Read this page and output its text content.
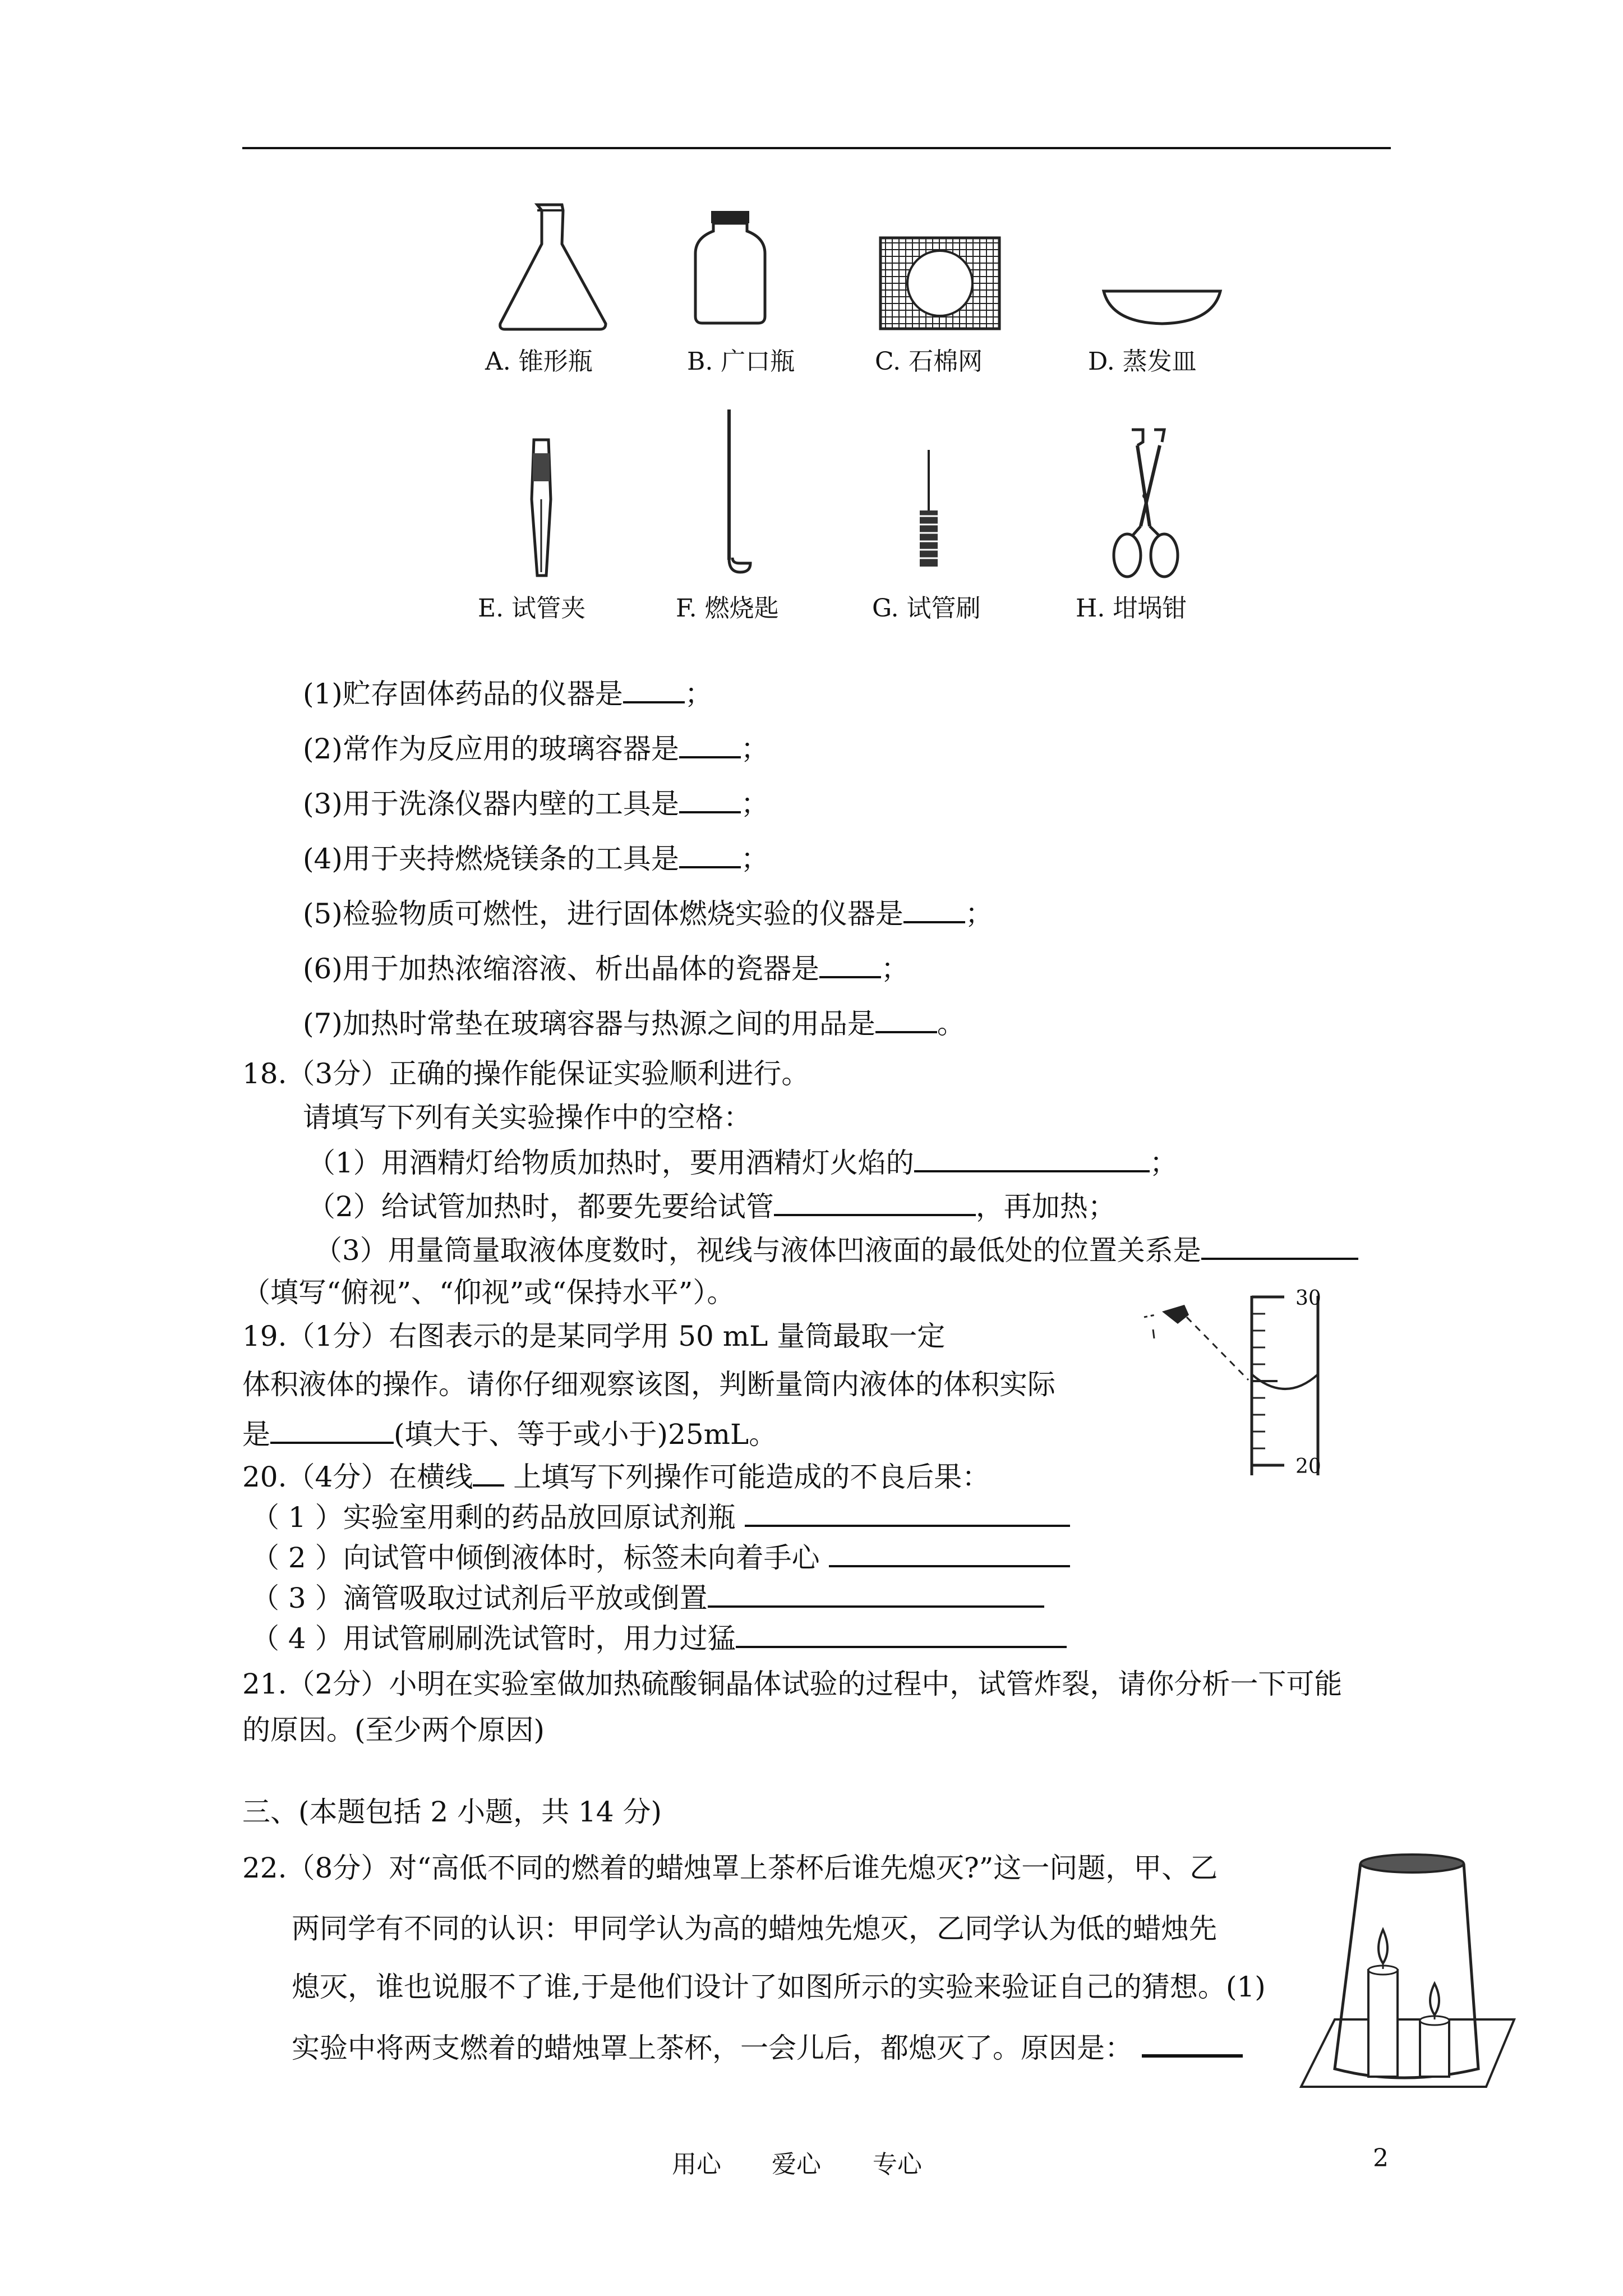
A. 锥形瓶	B. 广口瓶	C. 石棉网	D. 蒸发皿
E. 试管夹	F. 燃烧匙	G. 试管刷	H. 坩埚钳
(1)贮存固体药品的仪器是 ；
(2)常作为反应用的玻璃容器是 ；
(3)用于洗涤仪器内壁的工具是 ；
(4)用于夹持燃烧镁条的工具是 ；
(5)检验物质可燃性，进行固体燃烧实验的仪器是 ；
(6)用于加热浓缩溶液、析出晶体的瓷器是 ；
(7)加热时常垫在玻璃容器与热源之间的用品是 。
18.（3分）正确的操作能保证实验顺利进行。
请填写下列有关实验操作中的空格：
（1）用酒精灯给物质加热时，要用酒精灯火焰的	；
（2）给试管加热时，都要先要给试管	，再加热；
（3）用量筒量取液体度数时，视线与液体凹液面的最低处的位置关系是
（填写“俯视”、“仰视”或“保持水平”）。
19.（1分）右图表示的是某同学用 50 mL 量筒最取一定
体积液体的操作。请你仔细观察该图，判断量筒内液体的体积实际
是	(填大于、等于或小于)25mL。
30
20
20.（4分）在横线 上填写下列操作可能造成的不良后果：
（ 1 ）实验室用剩的药品放回原试剂瓶
（ 2 ）向试管中倾倒液体时，标签未向着手心
（ 3 ）滴管吸取过试剂后平放或倒置
（ 4 ）用试管刷刷洗试管时，用力过猛
21.（2分）小明在实验室做加热硫酸铜晶体试验的过程中，试管炸裂，请你分析一下可能
的原因。(至少两个原因)
三、(本题包括 2 小题，共 14 分)
22.（8分）对“高低不同的燃着的蜡烛罩上茶杯后谁先熄灭?”这一问题，甲、乙
两同学有不同的认识：甲同学认为高的蜡烛先熄灭，乙同学认为低的蜡烛先
熄灭，谁也说服不了谁,于是他们设计了如图所示的实验来验证自己的猜想。(1)
实验中将两支燃着的蜡烛罩上茶杯，一会儿后，都熄灭了。原因是：
用心 爱心 专心	2
